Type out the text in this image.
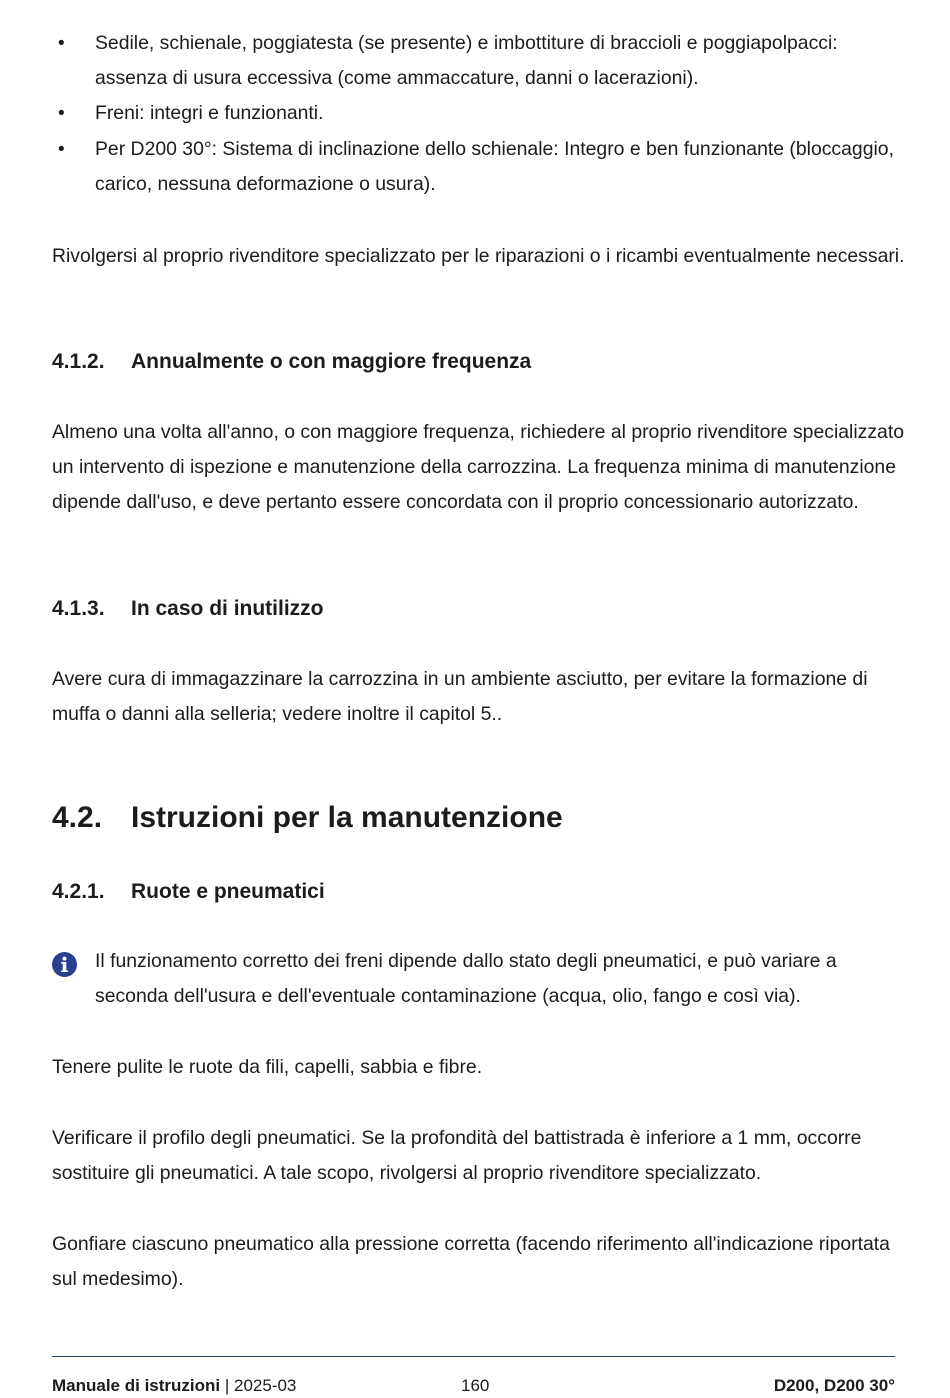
• Sedile, schienale, poggiatesta (se presente) e imbottiture di braccioli e poggiapolpacci: assenza di usura eccessiva (come ammaccature, danni o lacerazioni).
• Freni: integri e funzionanti.
• Per D200 30°: Sistema di inclinazione dello schienale: Integro e ben funzionante (bloccaggio, carico, nessuna deformazione o usura).

Rivolgersi al proprio rivenditore specializzato per le riparazioni o i ricambi eventualmente necessari.

4.1.2. Annualmente o con maggiore frequenza

Almeno una volta all'anno, o con maggiore frequenza, richiedere al proprio rivenditore specializzato un intervento di ispezione e manutenzione della carrozzina. La frequenza minima di manutenzione dipende dall'uso, e deve pertanto essere concordata con il proprio concessionario autorizzato.

4.1.3. In caso di inutilizzo

Avere cura di immagazzinare la carrozzina in un ambiente asciutto, per evitare la formazione di muffa o danni alla selleria; vedere inoltre il capitol 5..

4.2. Istruzioni per la manutenzione
4.2.1. Ruote e pneumatici

Il funzionamento corretto dei freni dipende dallo stato degli pneumatici, e può variare a seconda dell'usura e dell'eventuale contaminazione (acqua, olio, fango e così via).

Tenere pulite le ruote da fili, capelli, sabbia e fibre.

Verificare il profilo degli pneumatici. Se la profondità del battistrada è inferiore a 1 mm, occorre sostituire gli pneumatici. A tale scopo, rivolgersi al proprio rivenditore specializzato.

Gonfiare ciascuno pneumatico alla pressione corretta (facendo riferimento all'indicazione riportata sul medesimo).

Manuale di istruzioni | 2025-03	160	D200, D200 30°
